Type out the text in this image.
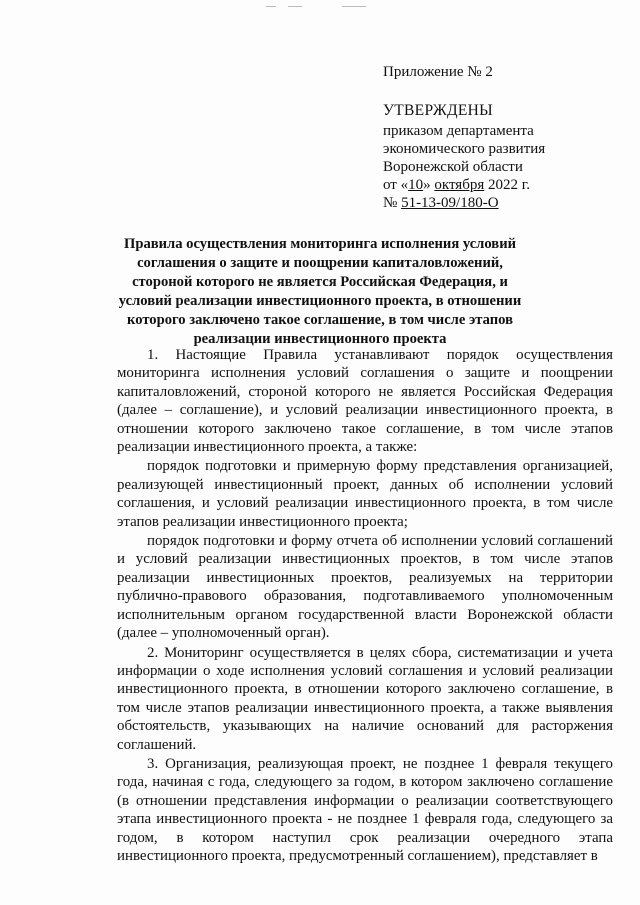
Приложение № 2
УТВЕРЖДЕНЫ
приказом департамента
экономического развития
Воронежской области
от «10» октября 2022 г.
№ 51-13-09/180-О
Правила осуществления мониторинга исполнения условий соглашения о защите и поощрении капиталовложений, стороной которого не является Российская Федерация, и условий реализации инвестиционного проекта, в отношении которого заключено такое соглашение, в том числе этапов реализации инвестиционного проекта

1. Настоящие Правила устанавливают порядок осуществления мониторинга исполнения условий соглашения о защите и поощрении капиталовложений, стороной которого не является Российская Федерация (далее – соглашение), и условий реализации инвестиционного проекта, в отношении которого заключено такое соглашение, в том числе этапов реализации инвестиционного проекта, а также:

порядок подготовки и примерную форму представления организацией, реализующей инвестиционный проект, данных об исполнении условий соглашения, и условий реализации инвестиционного проекта, в том числе этапов реализации инвестиционного проекта;

порядок подготовки и форму отчета об исполнении условий соглашений и условий реализации инвестиционных проектов, в том числе этапов реализации инвестиционных проектов, реализуемых на территории публично-правового образования, подготавливаемого уполномоченным исполнительным органом государственной власти Воронежской области (далее – уполномоченный орган).

2. Мониторинг осуществляется в целях сбора, систематизации и учета информации о ходе исполнения условий соглашения и условий реализации инвестиционного проекта, в отношении которого заключено соглашение, в том числе этапов реализации инвестиционного проекта, а также выявления обстоятельств, указывающих на наличие оснований для расторжения соглашений.

3. Организация, реализующая проект, не позднее 1 февраля текущего года, начиная с года, следующего за годом, в котором заключено соглашение (в отношении представления информации о реализации соответствующего этапа инвестиционного проекта - не позднее 1 февраля года, следующего за годом, в котором наступил срок реализации очередного этапа инвестиционного проекта, предусмотренный соглашением), представляет в
